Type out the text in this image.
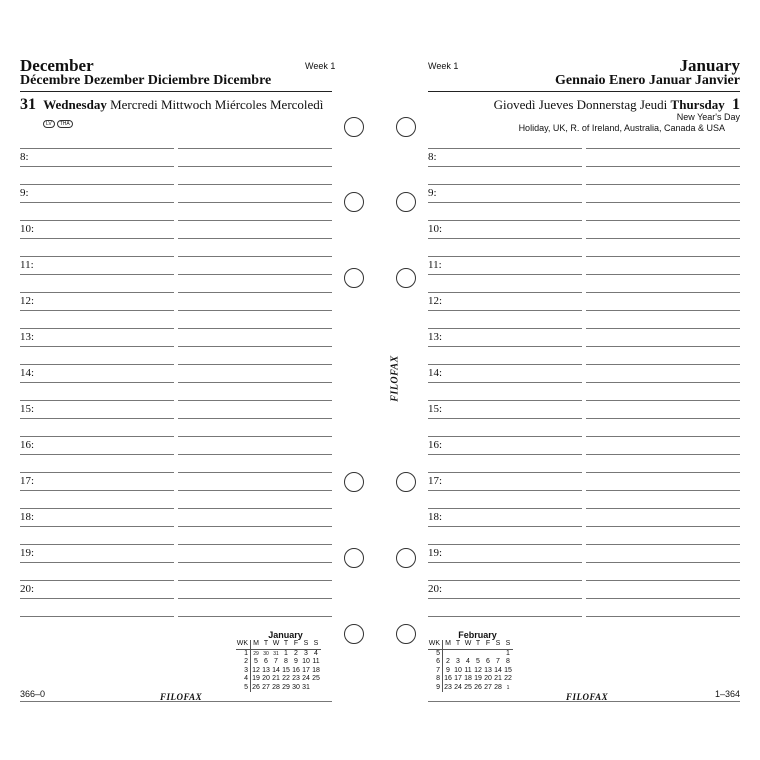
December	Week 1
Décembre Dezember Diciembre Dicembre
31 Wednesday Mercredi Mittwoch Miércoles Mercoledì
LV THA
Week 1	January
Gennaio Enero Januar Janvier
Giovedì Jueves Donnerstag Jeudi Thursday 1
New Year's Day
Holiday, UK, R. of Ireland, Australia, Canada & USA
8:
9:
10:
11:
12:
13:
14:
15:
16:
17:
18:
19:
20:
8:
9:
10:
11:
12:
13:
14:
15:
16:
17:
18:
19:
20:
FILOFAX
January
WK	M	T	W	T	F	S	S
1	29	30	31	1	2	3	4
2	5	6	7	8	9	10	11
3	12	13	14	15	16	17	18
4	19	20	21	22	23	24	25
5	26	27	28	29	30	31	
February
WK	M	T	W	T	F	S	S
5							1
6	2	3	4	5	6	7	8
7	9	10	11	12	13	14	15
8	16	17	18	19	20	21	22
9	23	24	25	26	27	28	1
366–0	FILOFAX	FILOFAX	1–364
